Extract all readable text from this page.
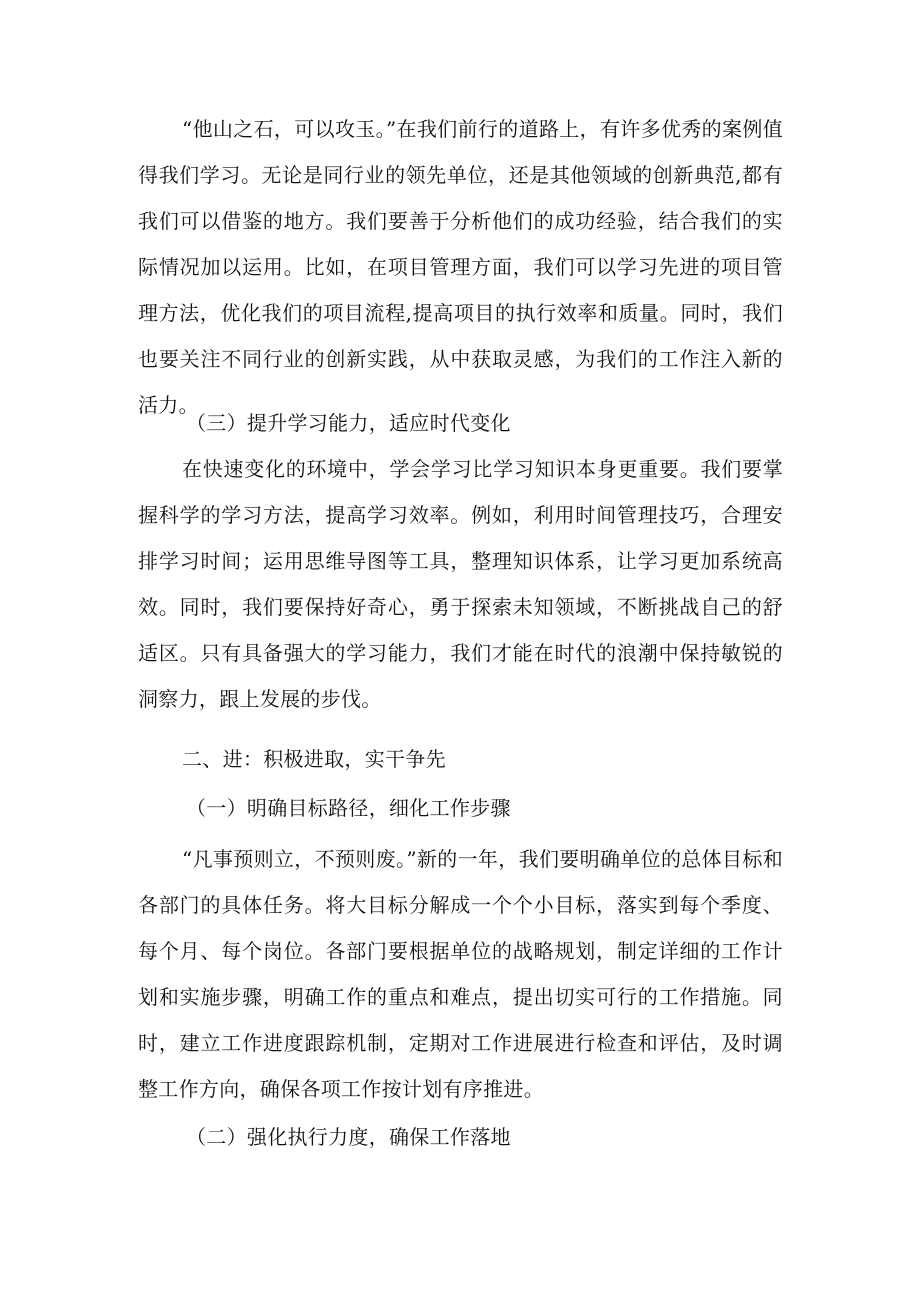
“他山之石，可以攻玉。”在我们前行的道路上，有许多优秀的案例值得我们学习。无论是同行业的领先单位，还是其他领域的创新典范,都有我们可以借鉴的地方。我们要善于分析他们的成功经验，结合我们的实际情况加以运用。比如，在项目管理方面，我们可以学习先进的项目管理方法，优化我们的项目流程,提高项目的执行效率和质量。同时，我们也要关注不同行业的创新实践，从中获取灵感，为我们的工作注入新的活力。

（三）提升学习能力，适应时代变化

在快速变化的环境中，学会学习比学习知识本身更重要。我们要掌握科学的学习方法，提高学习效率。例如，利用时间管理技巧，合理安排学习时间；运用思维导图等工具，整理知识体系，让学习更加系统高效。同时，我们要保持好奇心，勇于探索未知领域，不断挑战自己的舒适区。只有具备强大的学习能力，我们才能在时代的浪潮中保持敏锐的洞察力，跟上发展的步伐。

二、进：积极进取，实干争先

（一）明确目标路径，细化工作步骤

“凡事预则立，不预则废。”新的一年，我们要明确单位的总体目标和各部门的具体任务。将大目标分解成一个个小目标，落实到每个季度、每个月、每个岗位。各部门要根据单位的战略规划，制定详细的工作计划和实施步骤，明确工作的重点和难点，提出切实可行的工作措施。同时，建立工作进度跟踪机制，定期对工作进展进行检查和评估，及时调整工作方向，确保各项工作按计划有序推进。

（二）强化执行力度，确保工作落地
